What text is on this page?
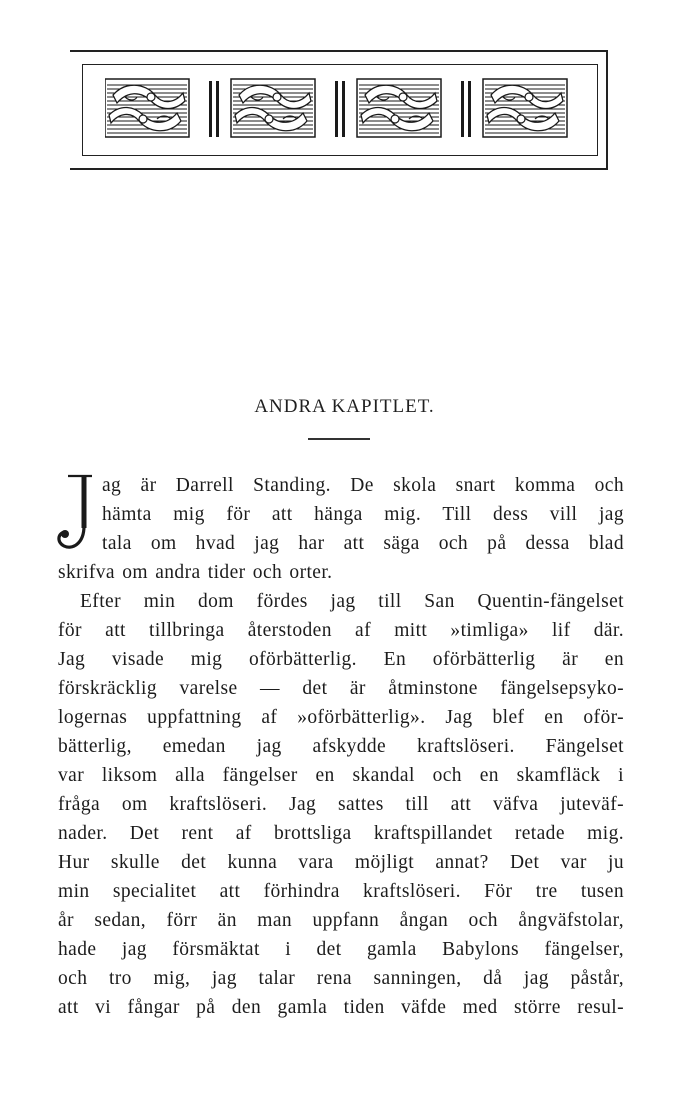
ANDRA KAPITLET.
ag är Darrell Standing. De skola snart komma och
hämta mig för att hänga mig. Till dess vill jag
tala om hvad jag har att säga och på dessa blad
skrifva om andra tider och orter.
Efter min dom fördes jag till San Quentin-fängelset
för att tillbringa återstoden af mitt »timliga» lif där.
Jag visade mig oförbätterlig. En oförbätterlig är en
förskräcklig varelse — det är åtminstone fängelsepsyko-
logernas uppfattning af »oförbätterlig». Jag blef en oför-
bätterlig, emedan jag afskydde kraftslöseri. Fängelset
var liksom alla fängelser en skandal och en skamfläck i
fråga om kraftslöseri. Jag sattes till att väfva juteväf-
nader. Det rent af brottsliga kraftspillandet retade mig.
Hur skulle det kunna vara möjligt annat? Det var ju
min specialitet att förhindra kraftslöseri. För tre tusen
år sedan, förr än man uppfann ångan och ångväfstolar,
hade jag försmäktat i det gamla Babylons fängelser,
och tro mig, jag talar rena sanningen, då jag påstår,
att vi fångar på den gamla tiden väfde med större resul-
